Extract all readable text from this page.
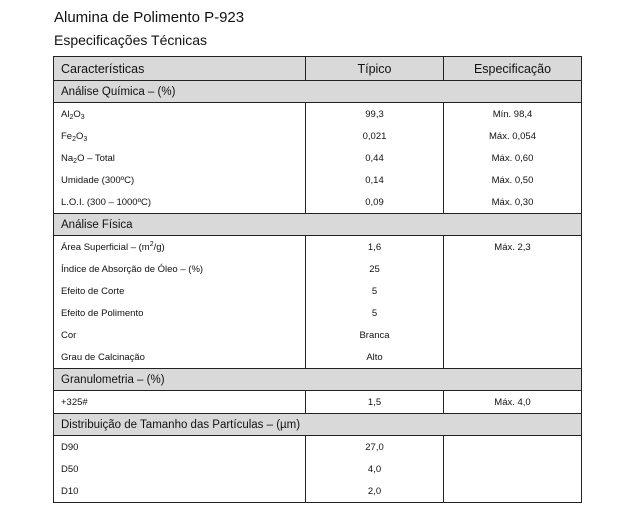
Alumina de Polimento P-923
Especificações Técnicas
Características	Típico	Especificação
Análise Química – (%)		
$Al_2O_3$	99,3	Mín. 98,4
$Fe_2O_3$	0,021	Máx. 0,054
$Na_2O$ – Total	0,44	Máx. 0,60
Umidade (300ºC)	0,14	Máx. 0,50
L.O.I. (300 – 1000ºC)	0,09	Máx. 0,30
Análise Física		
Área Superficial – $(m^2/g)$	1,6	Máx. 2,3
Índice de Absorção de Óleo – (%)	25	
Efeito de Corte	5	
Efeito de Polimento	5	
Cor	Branca	
Grau de Calcinação	Alto	
Granulometria – (%)		
+325#	1,5	Máx. 4,0
Distribuição de Tamanho das Partículas – (µm)		
D90	27,0	
D50	4,0	
D10	2,0	
